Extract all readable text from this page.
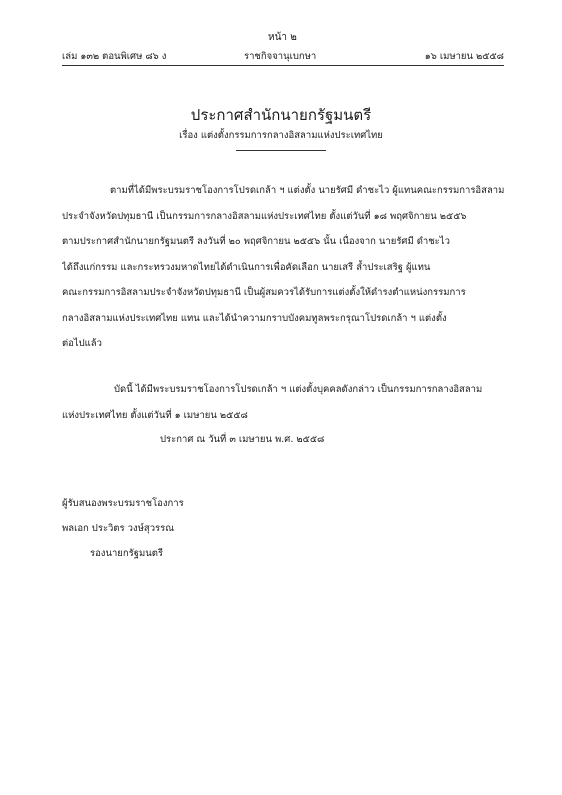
หน้า ๒
เล่ม ๑๓๒ ตอนพิเศษ ๘๖ ง	ราชกิจจานุเบกษา	๑๖ เมษายน ๒๕๕๘
ประกาศสำนักนายกรัฐมนตรี
เรื่อง แต่งตั้งกรรมการกลางอิสลามแห่งประเทศไทย
ตามที่ได้มีพระบรมราชโองการโปรดเกล้า ฯ แต่งตั้ง นายรัศมี ดำชะไว ผู้แทนคณะกรรมการอิสลาม
ประจำจังหวัดปทุมธานี เป็นกรรมการกลางอิสลามแห่งประเทศไทย ตั้งแต่วันที่ ๑๘ พฤศจิกายน ๒๕๕๖
ตามประกาศสำนักนายกรัฐมนตรี ลงวันที่ ๒๐ พฤศจิกายน ๒๕๕๖ นั้น เนื่องจาก นายรัศมี ดำชะไว
ได้ถึงแก่กรรม และกระทรวงมหาดไทยได้ดำเนินการเพื่อคัดเลือก นายเสรี ล้ำประเสริฐ ผู้แทน
คณะกรรมการอิสลามประจำจังหวัดปทุมธานี เป็นผู้สมควรได้รับการแต่งตั้งให้ดำรงตำแหน่งกรรมการ
กลางอิสลามแห่งประเทศไทย แทน และได้นำความกราบบังคมทูลพระกรุณาโปรดเกล้า ฯ แต่งตั้ง
ต่อไปแล้ว
บัดนี้ ได้มีพระบรมราชโองการโปรดเกล้า ฯ แต่งตั้งบุคคลดังกล่าว เป็นกรรมการกลางอิสลาม
แห่งประเทศไทย ตั้งแต่วันที่ ๑ เมษายน ๒๕๕๘
ประกาศ ณ วันที่ ๓ เมษายน พ.ศ. ๒๕๕๘
ผู้รับสนองพระบรมราชโองการ
พลเอก ประวิตร วงษ์สุวรรณ
รองนายกรัฐมนตรี
